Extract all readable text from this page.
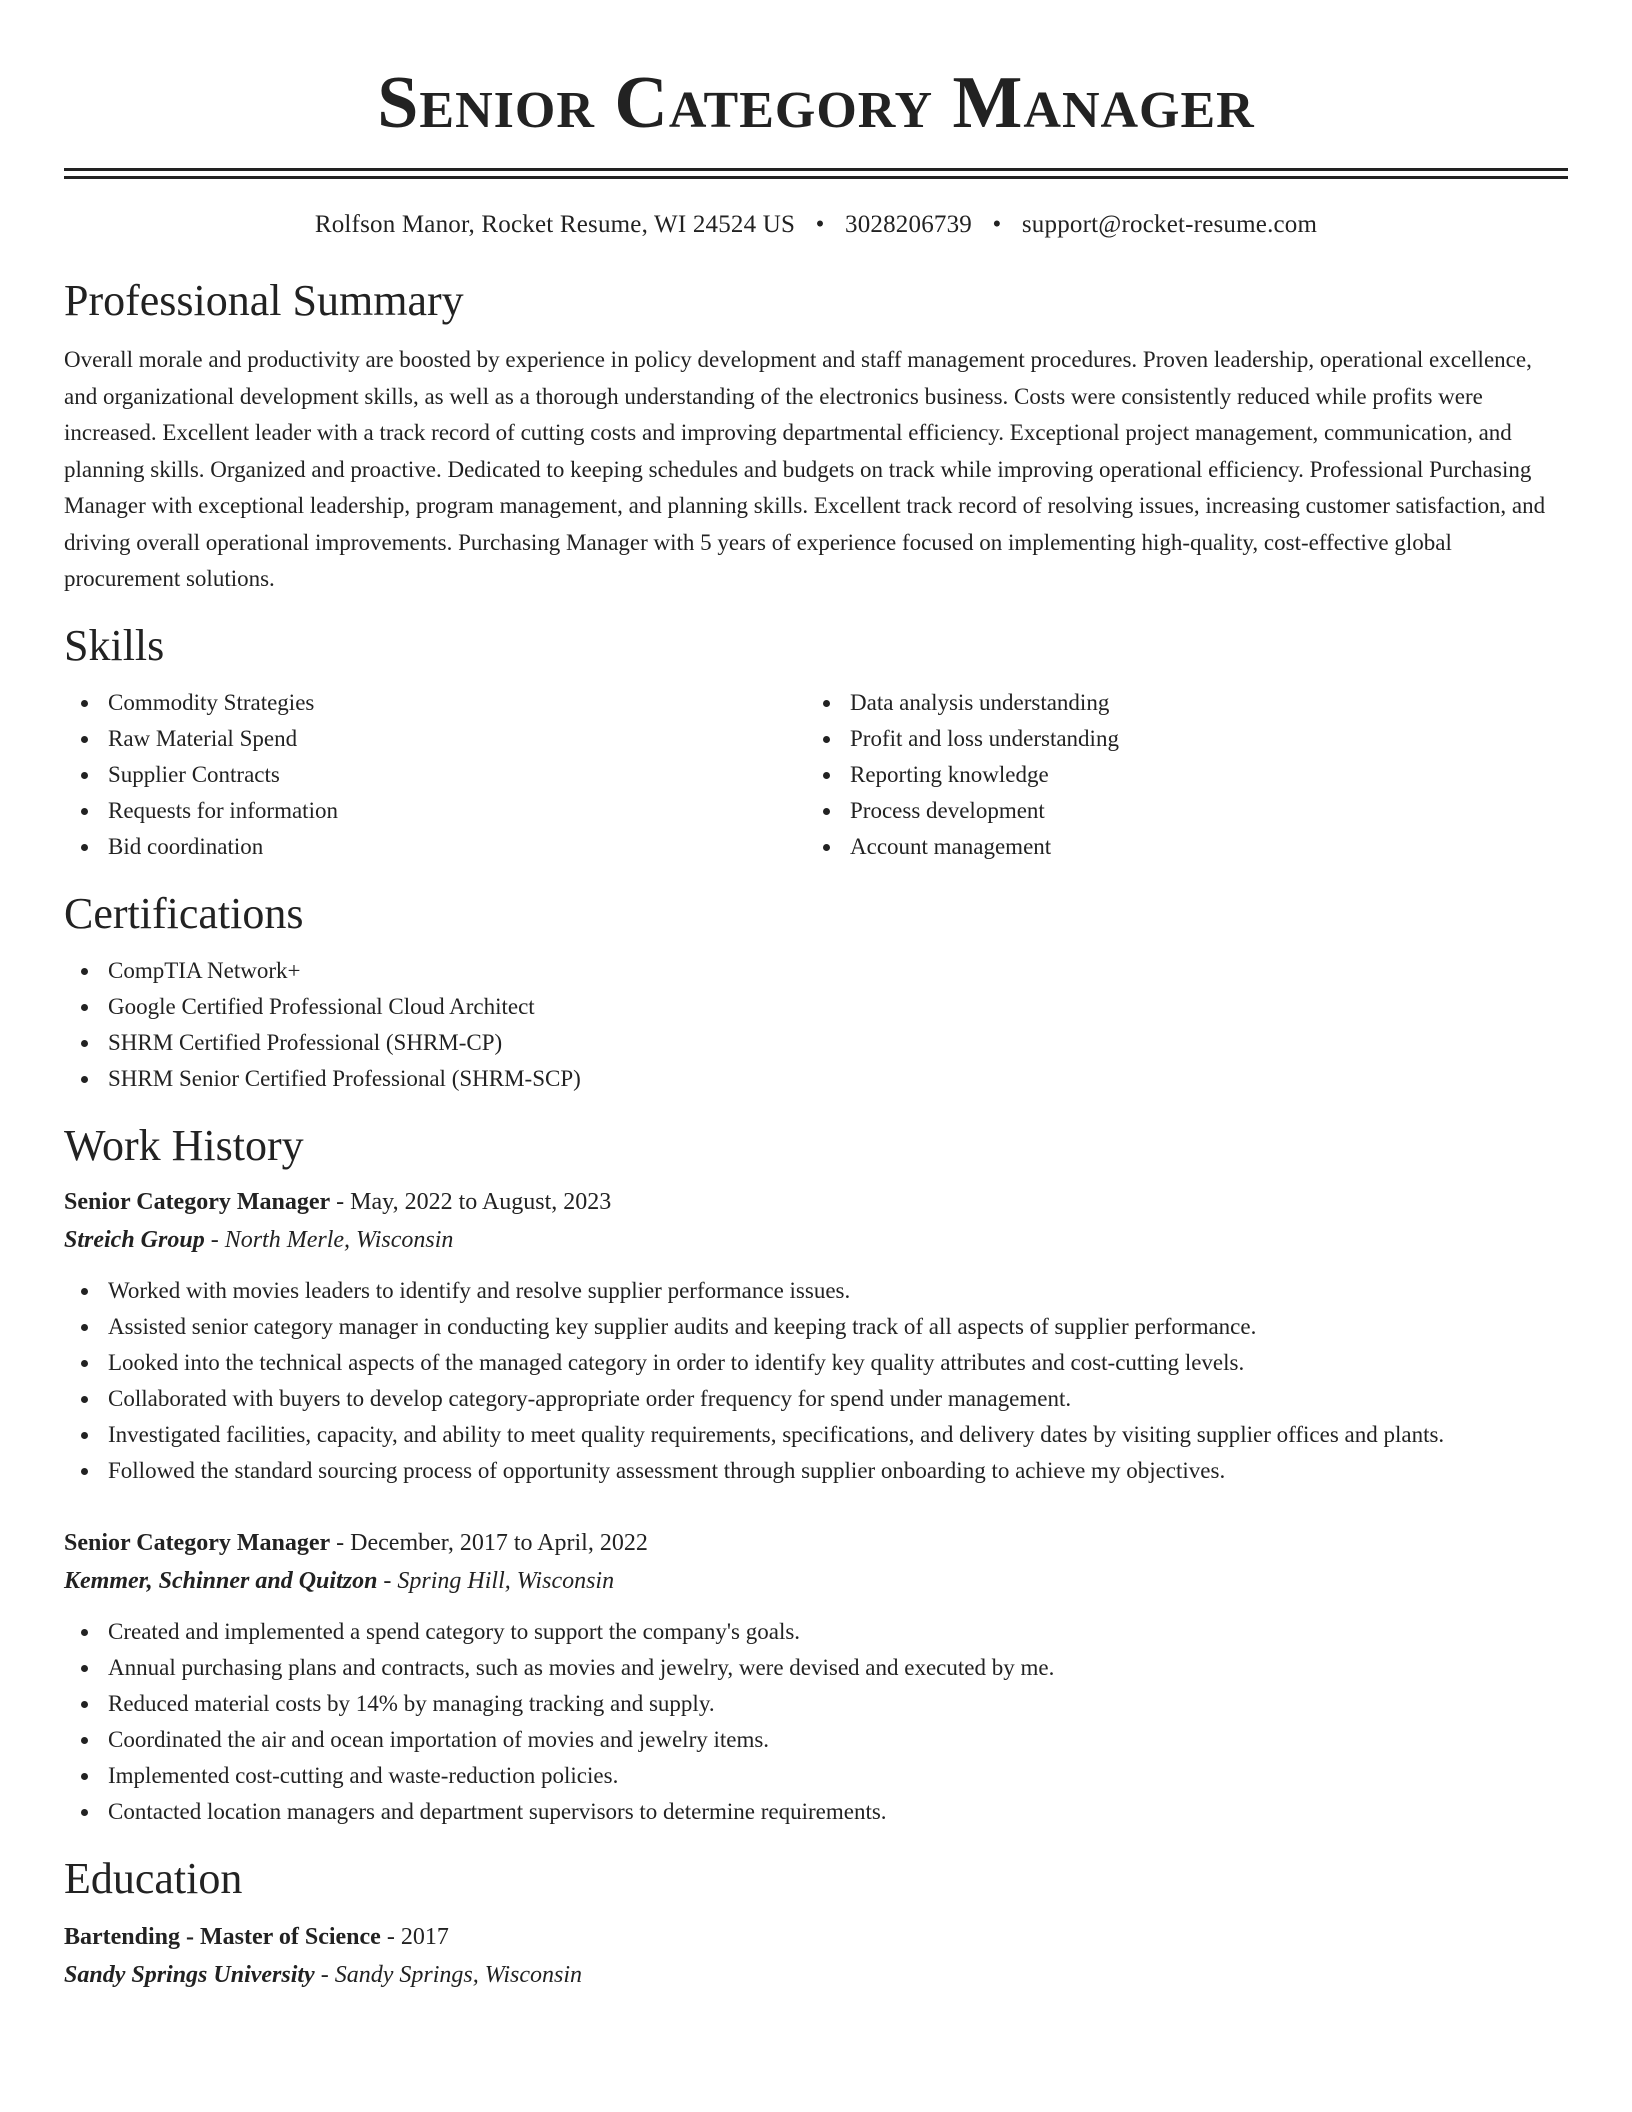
Senior Category Manager
Rolfson Manor, Rocket Resume, WI 24524 US • 3028206739 • support@rocket-resume.com
Professional Summary

Overall morale and productivity are boosted by experience in policy development and staff management procedures. Proven leadership, operational excellence, and organizational development skills, as well as a thorough understanding of the electronics business. Costs were consistently reduced while profits were increased. Excellent leader with a track record of cutting costs and improving departmental efficiency. Exceptional project management, communication, and planning skills. Organized and proactive. Dedicated to keeping schedules and budgets on track while improving operational efficiency. Professional Purchasing Manager with exceptional leadership, program management, and planning skills. Excellent track record of resolving issues, increasing customer satisfaction, and driving overall operational improvements. Purchasing Manager with 5 years of experience focused on implementing high-quality, cost-effective global procurement solutions.

Skills
Commodity Strategies
Raw Material Spend
Supplier Contracts
Requests for information
Bid coordination
Data analysis understanding
Profit and loss understanding
Reporting knowledge
Process development
Account management
Certifications
CompTIA Network+
Google Certified Professional Cloud Architect
SHRM Certified Professional (SHRM-CP)
SHRM Senior Certified Professional (SHRM-SCP)
Work History
Senior Category Manager - May, 2022 to August, 2023
Streich Group - North Merle, Wisconsin
Worked with movies leaders to identify and resolve supplier performance issues.
Assisted senior category manager in conducting key supplier audits and keeping track of all aspects of supplier performance.
Looked into the technical aspects of the managed category in order to identify key quality attributes and cost-cutting levels.
Collaborated with buyers to develop category-appropriate order frequency for spend under management.
Investigated facilities, capacity, and ability to meet quality requirements, specifications, and delivery dates by visiting supplier offices and plants.
Followed the standard sourcing process of opportunity assessment through supplier onboarding to achieve my objectives.
Senior Category Manager - December, 2017 to April, 2022
Kemmer, Schinner and Quitzon - Spring Hill, Wisconsin
Created and implemented a spend category to support the company's goals.
Annual purchasing plans and contracts, such as movies and jewelry, were devised and executed by me.
Reduced material costs by 14% by managing tracking and supply.
Coordinated the air and ocean importation of movies and jewelry items.
Implemented cost-cutting and waste-reduction policies.
Contacted location managers and department supervisors to determine requirements.
Education
Bartending - Master of Science - 2017
Sandy Springs University - Sandy Springs, Wisconsin
